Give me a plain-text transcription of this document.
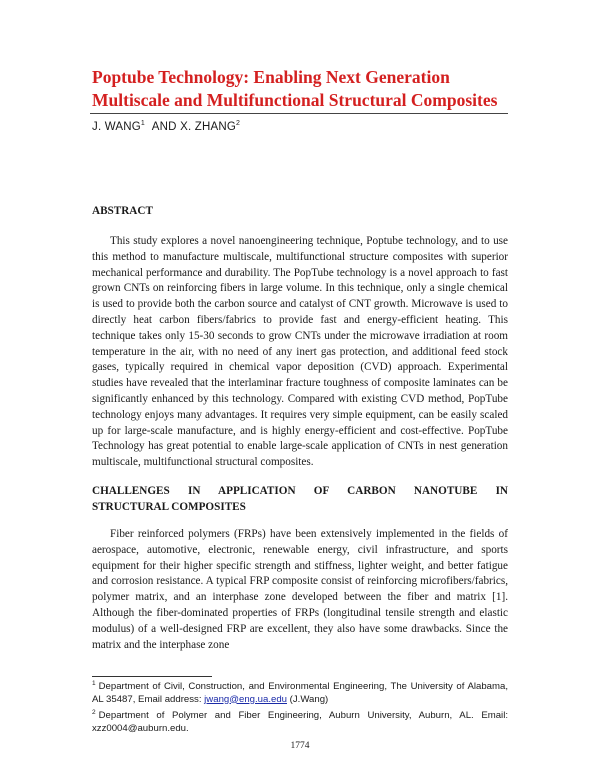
Poptube Technology: Enabling Next Generation
Multiscale and Multifunctional Structural Composites
J. WANG$^1$ AND X. ZHANG$^2$
ABSTRACT

This study explores a novel nanoengineering technique, Poptube technology, and to use this method to manufacture multiscale, multifunctional structure composites with superior mechanical performance and durability. The PopTube technology is a novel approach to fast grown CNTs on reinforcing fibers in large volume. In this technique, only a single chemical is used to provide both the carbon source and catalyst of CNT growth. Microwave is used to directly heat carbon fibers/fabrics to provide fast and energy-efficient heating. This technique takes only 15-30 seconds to grow CNTs under the microwave irradiation at room temperature in the air, with no need of any inert gas protection, and additional feed stock gases, typically required in chemical vapor deposition (CVD) approach. Experimental studies have revealed that the interlaminar fracture toughness of composite laminates can be significantly enhanced by this technology. Compared with existing CVD method, PopTube technology enjoys many advantages. It requires very simple equipment, can be easily scaled up for large-scale manufacture, and is highly energy-efficient and cost-effective. PopTube Technology has great potential to enable large-scale application of CNTs in nest generation multiscale, multifunctional structural composites.

CHALLENGES IN APPLICATION OF CARBON NANOTUBE IN
STRUCTURAL COMPOSITES

Fiber reinforced polymers (FRPs) have been extensively implemented in the fields of aerospace, automotive, electronic, renewable energy, civil infrastructure, and sports equipment for their higher specific strength and stiffness, lighter weight, and better fatigue and corrosion resistance. A typical FRP composite consist of reinforcing microfibers/fabrics, polymer matrix, and an interphase zone developed between the fiber and matrix [1]. Although the fiber-dominated properties of FRPs (longitudinal tensile strength and elastic modulus) of a well-designed FRP are excellent, they also have some drawbacks. Since the matrix and the interphase zone

$^1$ Department of Civil, Construction, and Environmental Engineering, The University of Alabama, AL 35487, Email address: jwang@eng.ua.edu (J.Wang)

$^2$ Department of Polymer and Fiber Engineering, Auburn University, Auburn, AL. Email: xzz0004@auburn.edu.

1774
